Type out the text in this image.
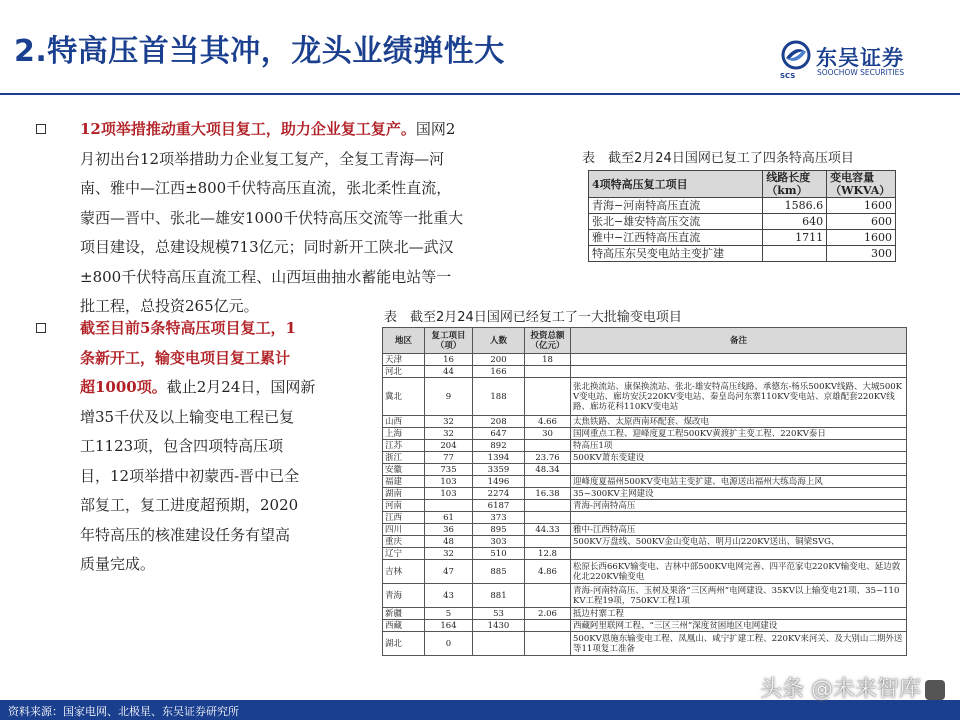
2.特高压首当其冲，龙头业绩弹性大
SCS
东吴证券
SOOCHOW SECURITIES
12项举措推动重大项目复工，助力企业复工复产。国网2
月初出台12项举措助力企业复工复产，全复工青海—河
南、雅中—江西±800千伏特高压直流，张北柔性直流，
蒙西—晋中、张北—雄安1000千伏特高压交流等一批重大
项目建设，总建设规模713亿元；同时新开工陕北—武汉
±800千伏特高压直流工程、山西垣曲抽水蓄能电站等一
批工程，总投资265亿元。
截至目前5条特高压项目复工，1
条新开工，输变电项目复工累计
超1000项。截止2月24日，国网新
增35千伏及以上输变电工程已复
工1123项，包含四项特高压项
目，12项举措中初蒙西-晋中已全
部复工，复工进度超预期，2020
年特高压的核准建设任务有望高
质量完成。
表　截至2月24日国网已复工了四条特高压项目
4项特高压复工项目	线路长度（km）	变电容量（WKVA）
青海−河南特高压直流	1586.6	1600
张北−雄安特高压交流	640	600
雅中−江西特高压直流	1711	1600
特高压东吴变电站主变扩建		300
表　截至2月24日国网已经复工了一大批输变电项目
地区	复工项目（项）	人数	投资总额（亿元）	备注
天津	16	200	18	
河北	44	166		
冀北	9	188		张北换流站、康保换流站、张北-雄安特高压线路、承德东-杨乐500KV线路、大城500KV变电站、廊坊安沃220KV变电站、秦皇岛河东寨110KV变电站、京雄配套220KV线路、廊坊花科110KV变电站
山西	32	208	4.66	太焦铁路、太原西南环配套、煤改电
上海	32	647	30	国网重点工程、迎峰度夏工程500KV黄渡扩主变工程、220KV泰日
江苏	204	892		特高压1项
浙江	77	1394	23.76	500KV萧东变建设
安徽	735	3359	48.34	
福建	103	1496		迎峰度夏福州500KV变电站主变扩建、电源送出福州大练岛海上风
湖南	103	2274	16.38	35~300KV主网建设
河南		6187		青海-河南特高压
江西	61	373		
四川	36	895	44.33	雅中-江西特高压
重庆	48	303		500KV万盘线、500KV金山变电站、明月山220KV送出、铜梁SVG、
辽宁	32	510	12.8	
吉林	47	885	4.86	松原长西66KV输变电、吉林中部500KV电网完善、四平范家屯220KV输变电、延边敦化北220KV输变电
青海	43	881		青海-河南特高压、玉树及果洛“三区两州”电网建设、35KV以上输变电21项、35~110KV工程19项，750KV工程1项
新疆	5	53	2.06	抵边村寨工程
西藏	164	1430		西藏阿里联网工程、“三区三州”深度贫困地区电网建设
湖北	0			500KV恩施东输变电工程、凤凰山、咸宁扩建工程、220KV来河关、及大别山二期外送等11项复工准备
资料来源：国家电网、北极星、东吴证券研究所
头条 @未来智库
